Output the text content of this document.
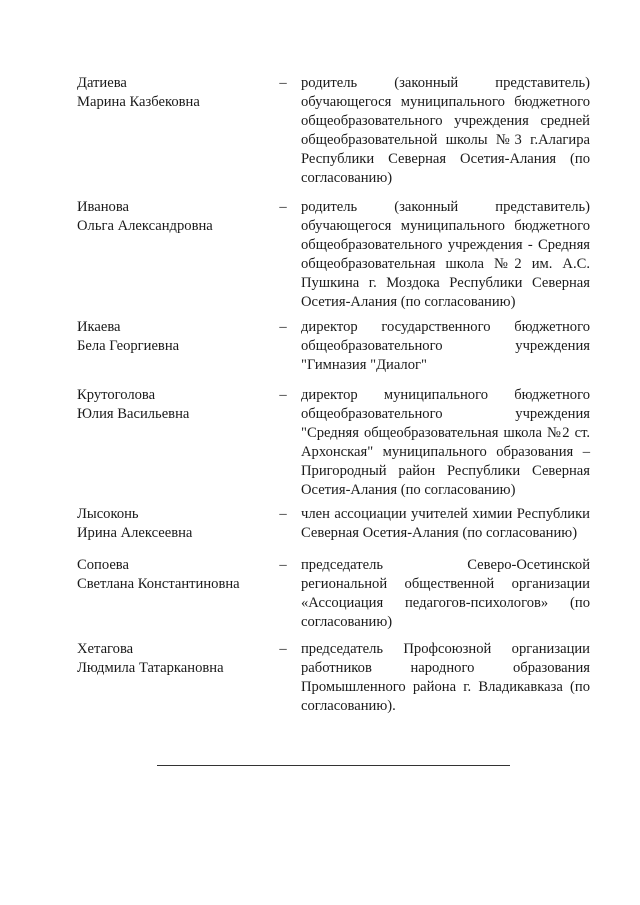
Датиева
Марина Казбековна
– родитель (законный представитель)
обучающегося муниципального бюджетного
общеобразовательного учреждения средней
общеобразовательной школы №3 г.Алагира
Республики Северная Осетия-Алания (по
согласованию)
Иванова
Ольга Александровна
– родитель (законный представитель)
обучающегося муниципального бюджетного
общеобразовательного учреждения - Средняя
общеобразовательная школа №2 им. А.С.
Пушкина г. Моздока Республики Северная
Осетия-Алания (по согласованию)
Икаева
Бела Георгиевна
– директор государственного бюджетного
общеобразовательного учреждения
"Гимназия "Диалог"
Крутоголова
Юлия Васильевна
– директор муниципального бюджетного
общеобразовательного учреждения
"Средняя общеобразовательная школа №2 ст.
Архонская" муниципального образования –
Пригородный район Республики Северная
Осетия-Алания (по согласованию)
Лысоконь
Ирина Алексеевна
– член ассоциации учителей химии Республики
Северная Осетия-Алания (по согласованию)
Сопоева
Светлана Константиновна
– председатель Северо-Осетинской
региональной общественной организации
«Ассоциация педагогов-психологов» (по
согласованию)
Хетагова
Людмила Татаркановна
– председатель Профсоюзной организации
работников народного образования
Промышленного района г. Владикавказа (по
согласованию).
